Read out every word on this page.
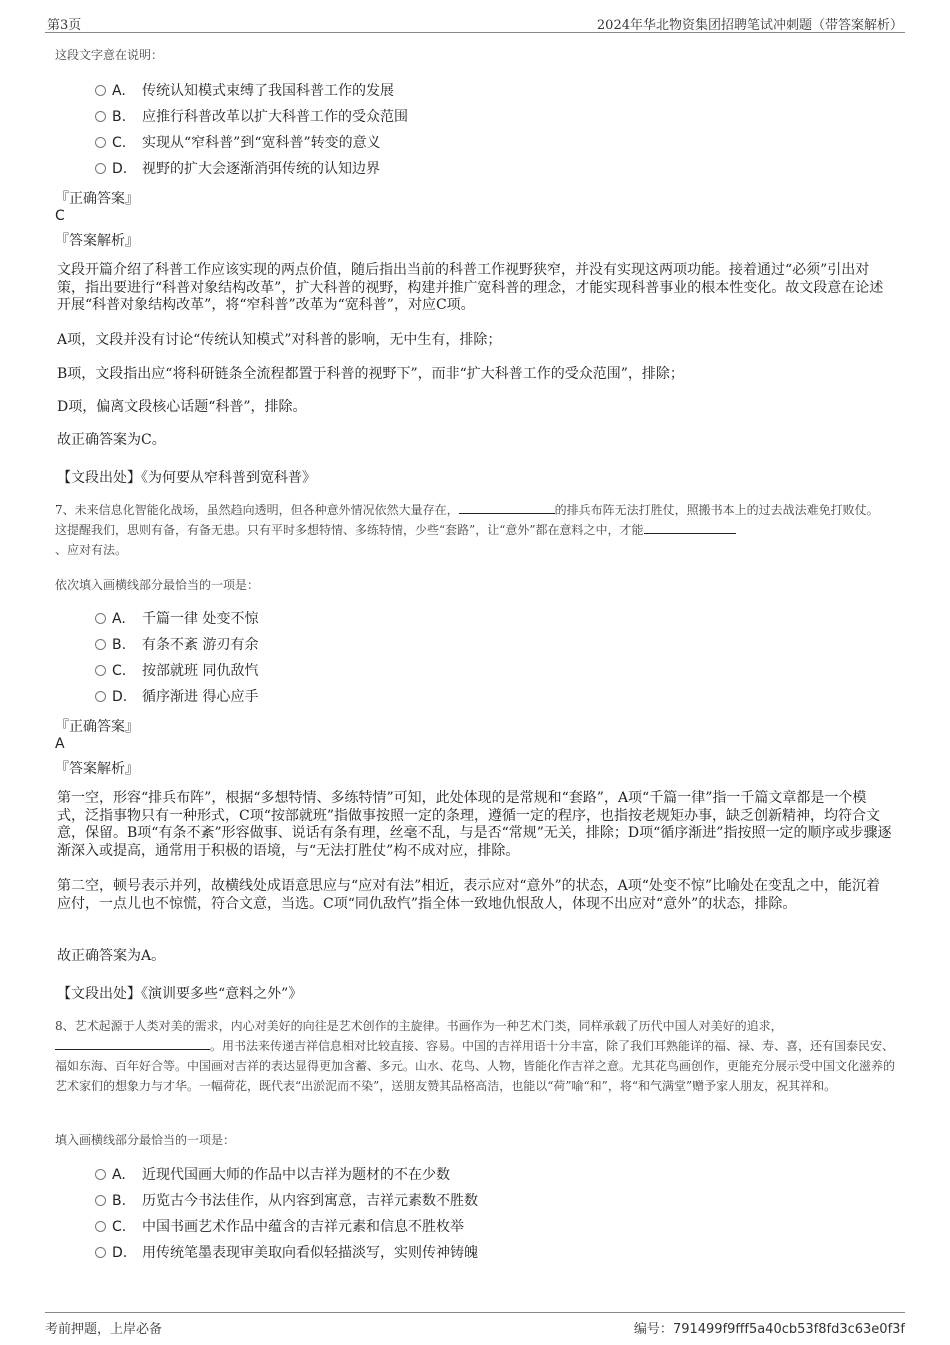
第3页	2024年华北物资集团招聘笔试冲刺题（带答案解析）
这段文字意在说明：
A. 传统认知模式束缚了我国科普工作的发展
B. 应推行科普改革以扩大科普工作的受众范围
C. 实现从“窄科普”到“宽科普”转变的意义
D. 视野的扩大会逐渐消弭传统的认知边界
『正确答案』
C
『答案解析』
文段开篇介绍了科普工作应该实现的两点价值，随后指出当前的科普工作视野狭窄，并没有实现这两项功能。接着通过“必须”引出对策，指出要进行“科普对象结构改革”，扩大科普的视野，构建并推广宽科普的理念，才能实现科普事业的根本性变化。故文段意在论述开展“科普对象结构改革”，将“窄科普”改革为“宽科普”，对应C项。
A项，文段并没有讨论“传统认知模式”对科普的影响，无中生有，排除；
B项，文段指出应“将科研链条全流程都置于科普的视野下”，而非“扩大科普工作的受众范围”，排除；
D项，偏离文段核心话题“科普”，排除。
故正确答案为C。
【文段出处】《为何要从窄科普到宽科普》
7、未来信息化智能化战场，虽然趋向透明，但各种意外情况依然大量存在，	的排兵布阵无法打胜仗，照搬书本上的过去战法难免打败仗。这提醒我们，思则有备，有备无患。只有平时多想特情、多练特情，少些“套路”，让“意外”都在意料之中，才能
、应对有法。
依次填入画横线部分最恰当的一项是：
A. 千篇一律 处变不惊
B. 有条不紊 游刃有余
C. 按部就班 同仇敌忾
D. 循序渐进 得心应手
『正确答案』
A
『答案解析』
第一空，形容“排兵布阵”，根据“多想特情、多练特情”可知，此处体现的是常规和“套路”，A项“千篇一律”指一千篇文章都是一个模式，泛指事物只有一种形式，C项“按部就班”指做事按照一定的条理，遵循一定的程序，也指按老规矩办事，缺乏创新精神，均符合文意，保留。B项“有条不紊”形容做事、说话有条有理，丝毫不乱，与是否“常规”无关，排除；D项“循序渐进”指按照一定的顺序或步骤逐渐深入或提高，通常用于积极的语境，与“无法打胜仗”构不成对应，排除。
第二空，顿号表示并列，故横线处成语意思应与“应对有法”相近，表示应对“意外”的状态，A项“处变不惊”比喻处在变乱之中，能沉着应付，一点儿也不惊慌，符合文意，当选。C项“同仇敌忾”指全体一致地仇恨敌人，体现不出应对“意外”的状态，排除。
故正确答案为A。
【文段出处】《演训要多些“意料之外”》
8、艺术起源于人类对美的需求，内心对美好的向往是艺术创作的主旋律。书画作为一种艺术门类，同样承载了历代中国人对美好的追求，
。用书法来传递吉祥信息相对比较直接、容易。中国的吉祥用语十分丰富，除了我们耳熟能详的福、禄、寿、喜，还有国泰民安、福如东海、百年好合等。中国画对吉祥的表达显得更加含蓄、多元。山水、花鸟、人物，皆能化作吉祥之意。尤其花鸟画创作，更能充分展示受中国文化滋养的艺术家们的想象力与才华。一幅荷花，既代表“出淤泥而不染”，送朋友赞其品格高洁，也能以“荷”喻“和”，将“和气满堂”赠予家人朋友，祝其祥和。
填入画横线部分最恰当的一项是：
A. 近现代国画大师的作品中以吉祥为题材的不在少数
B. 历览古今书法佳作，从内容到寓意，吉祥元素数不胜数
C. 中国书画艺术作品中蕴含的吉祥元素和信息不胜枚举
D. 用传统笔墨表现审美取向看似轻描淡写，实则传神铸魄
考前押题，上岸必备	编号：791499f9fff5a40cb53f8fd3c63e0f3f
